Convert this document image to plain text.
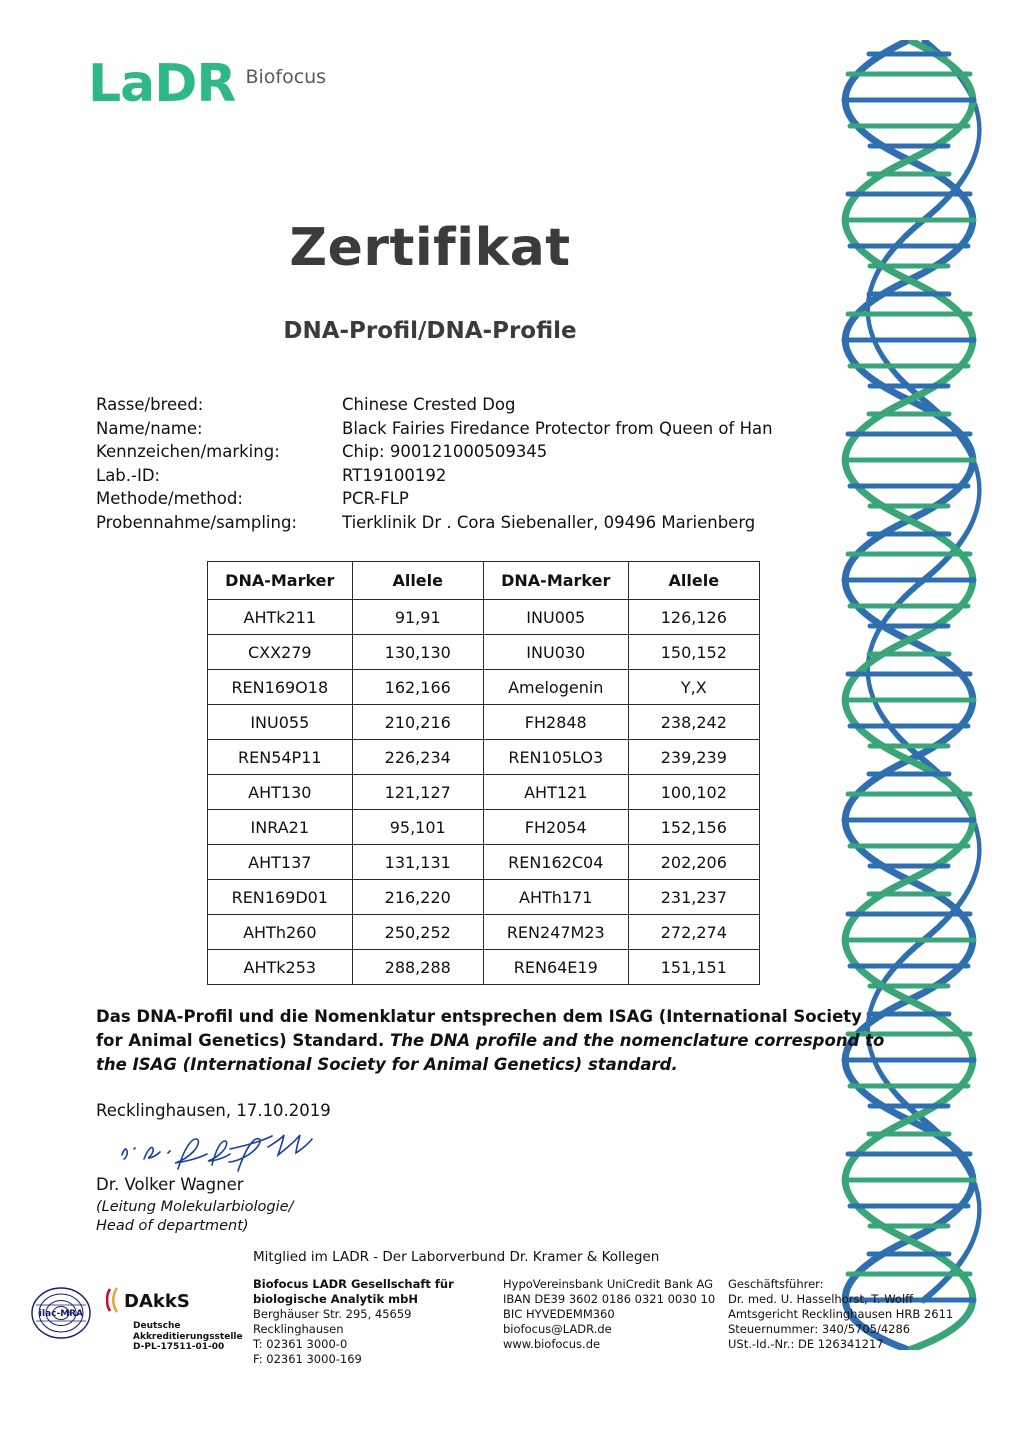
LaDR Biofocus
Zertifikat
DNA-Profil/DNA-Profile
Rasse/breed:	Chinese Crested Dog
Name/name:	Black Fairies Firedance Protector from Queen of Han
Kennzeichen/marking:	Chip: 900121000509345
Lab.-ID:	RT19100192
Methode/method:	PCR-FLP
Probennahme/sampling:	Tierklinik Dr . Cora Siebenaller, 09496 Marienberg
DNA-Marker	Allele	DNA-Marker	Allele
AHTk211	91,91	INU005	126,126
CXX279	130,130	INU030	150,152
REN169O18	162,166	Amelogenin	Y,X
INU055	210,216	FH2848	238,242
REN54P11	226,234	REN105LO3	239,239
AHT130	121,127	AHT121	100,102
INRA21	95,101	FH2054	152,156
AHT137	131,131	REN162C04	202,206
REN169D01	216,220	AHTh171	231,237
AHTh260	250,252	REN247M23	272,274
AHTk253	288,288	REN64E19	151,151
Das DNA-Profil und die Nomenklatur entsprechen dem ISAG (International Society for Animal Genetics) Standard. The DNA profile and the nomenclature correspond to the ISAG (International Society for Animal Genetics) standard.
Recklinghausen, 17.10.2019
Dr. Volker Wagner
(Leitung Molekularbiologie/
Head of department)
Mitglied im LADR - Der Laborverbund Dr. Kramer & Kollegen
ilac-MRA
DAkkS
Deutsche
Akkreditierungsstelle
D-PL-17511-01-00
Biofocus LADR Gesellschaft für
biologische Analytik mbH
Berghäuser Str. 295, 45659 Recklinghausen
T: 02361 3000-0
F: 02361 3000-169
HypoVereinsbank UniCredit Bank AG
IBAN DE39 3602 0186 0321 0030 10
BIC HYVEDEMM360
biofocus@LADR.de
www.biofocus.de
Geschäftsführer:
Dr. med. U. Hasselhorst, T. Wolff
Amtsgericht Recklinghausen HRB 2611
Steuernummer: 340/5705/4286
USt.-Id.-Nr.: DE 126341217
